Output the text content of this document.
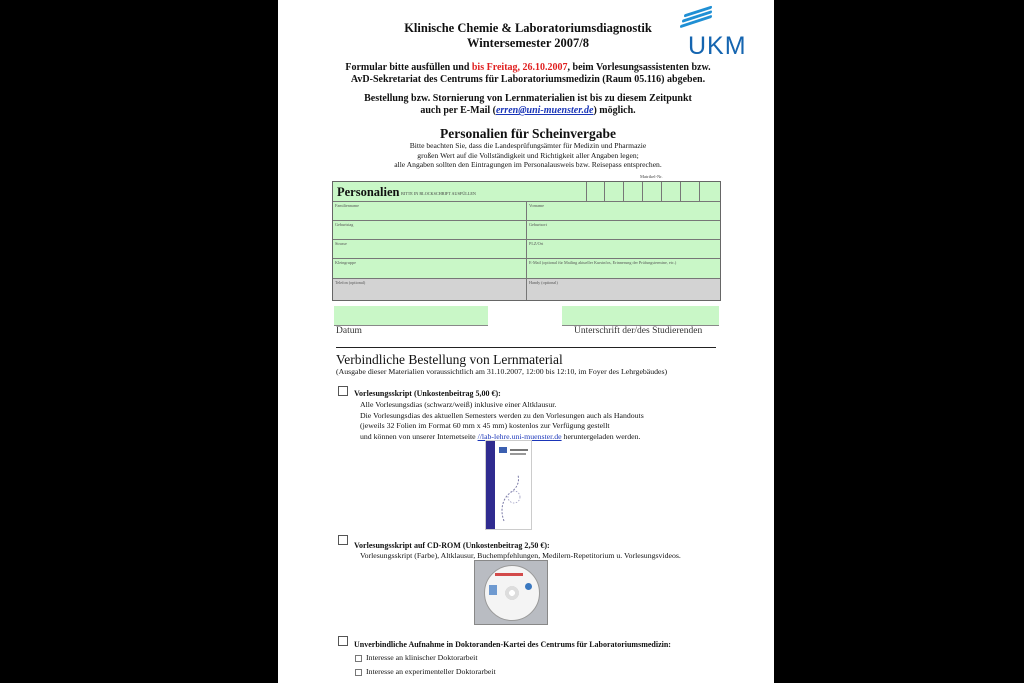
Klinische Chemie & Laboratoriumsdiagnostik
Wintersemester 2007/8	UKM
Formular bitte ausfüllen und bis Freitag, 26.10.2007, beim Vorlesungsassistenten bzw.
AvD-Sekretariat des Centrums für Laboratoriumsmedizin (Raum 05.116) abgeben.
Bestellung bzw. Stornierung von Lernmaterialien ist bis zu diesem Zeitpunkt
auch per E-Mail (erren@uni-muenster.de) möglich.
Personalien für Scheinvergabe
Bitte beachten Sie, dass die Landesprüfungsämter für Medizin und Pharmazie
großen Wert auf die Vollständigkeit und Richtigkeit aller Angaben legen;
alle Angaben sollten den Eintragungen im Personalausweis bzw. Reisepass entsprechen.
Matrikel-Nr.
Personalien BITTE IN BLOCKSCHRIFT AUSFÜLLEN
Familienname	Vorname
Geburtstag	Geburtsort
Strasse	PLZ/Ort
Kleingruppe	E-Mail (optional für Mailing aktueller Kursinfos, Erinnerung der Prüfungstermine, etc.)
Telefon (optional)	Handy (optional)
Datum	Unterschrift der/des Studierenden
Verbindliche Bestellung von Lernmaterial
(Ausgabe dieser Materialien voraussichtlich am 31.10.2007, 12:00 bis 12:10, im Foyer des Lehrgebäudes)
Vorlesungsskript (Unkostenbeitrag 5,00 €):
Alle Vorlesungsdias (schwarz/weiß) inklusive einer Altklausur.
Die Vorlesungsdias des aktuellen Semesters werden zu den Vorlesungen auch als Handouts
(jeweils 32 Folien im Format 60 mm x 45 mm) kostenlos zur Verfügung gestellt
und können von unserer Internetseite //lab-lehre.uni-muenster.de heruntergeladen werden.
Vorlesungsskript auf CD-ROM (Unkostenbeitrag 2,50 €):
Vorlesungsskript (Farbe), Altklausur, Buchempfehlungen, Medilern-Repetitorium u. Vorlesungsvideos.
Unverbindliche Aufnahme in Doktoranden-Kartei des Centrums für Laboratoriumsmedizin:
Interesse an klinischer Doktorarbeit
Interesse an experimenteller Doktorarbeit
